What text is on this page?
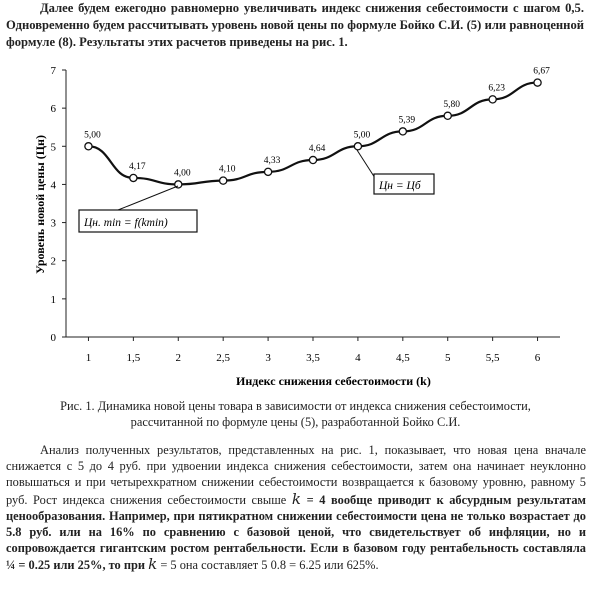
Далее будем ежегодно равномерно увеличивать индекс снижения себестоимости с шагом 0,5. Одновременно будем рассчитывать уровень новой цены по формуле Бойко С.И. (5) или равноценной формуле (8). Результаты этих расчетов приведены на рис. 1.
0
1
2
3
4
5
6
7
1	1,5	2	2,5	3	3,5	4	4,5	5	5,5	6
5,00
4,17
4,00	4,10
4,33
4,64
5,00
5,39
5,80
6,23
6,67
Индекс снижения себестоимости (k)
Уровень новой цены (Цн)	Цн. min = f(kmin)
Цн = Цб
Рис. 1. Динамика новой цены товара в зависимости от индекса снижения себестоимости,
рассчитанной по формуле цены (5), разработанной Бойко С.И.

Анализ полученных результатов, представленных на рис. 1, показывает, что новая цена вначале снижается с 5 до 4 руб. при удвоении индекса снижения себестоимости, затем она начинает неуклонно повышаться и при четырехкратном снижении себестоимости возвращается к базовому уровню, равному 5 руб. Рост индекса снижения себестоимости свыше k = 4 вообще приводит к абсурдным результатам ценообразования. Например, при пятикратном снижении себестоимости цена не только возрастает до 5.8 руб. или на 16% по сравнению с базовой ценой, что свидетельствует об инфляции, но и сопровождается гигантским ростом рентабельности. Если в базовом году рентабельность составляла ¼ = 0.25 или 25%, то при k = 5 она составляет 5 0.8 = 6.25 или 625%.
